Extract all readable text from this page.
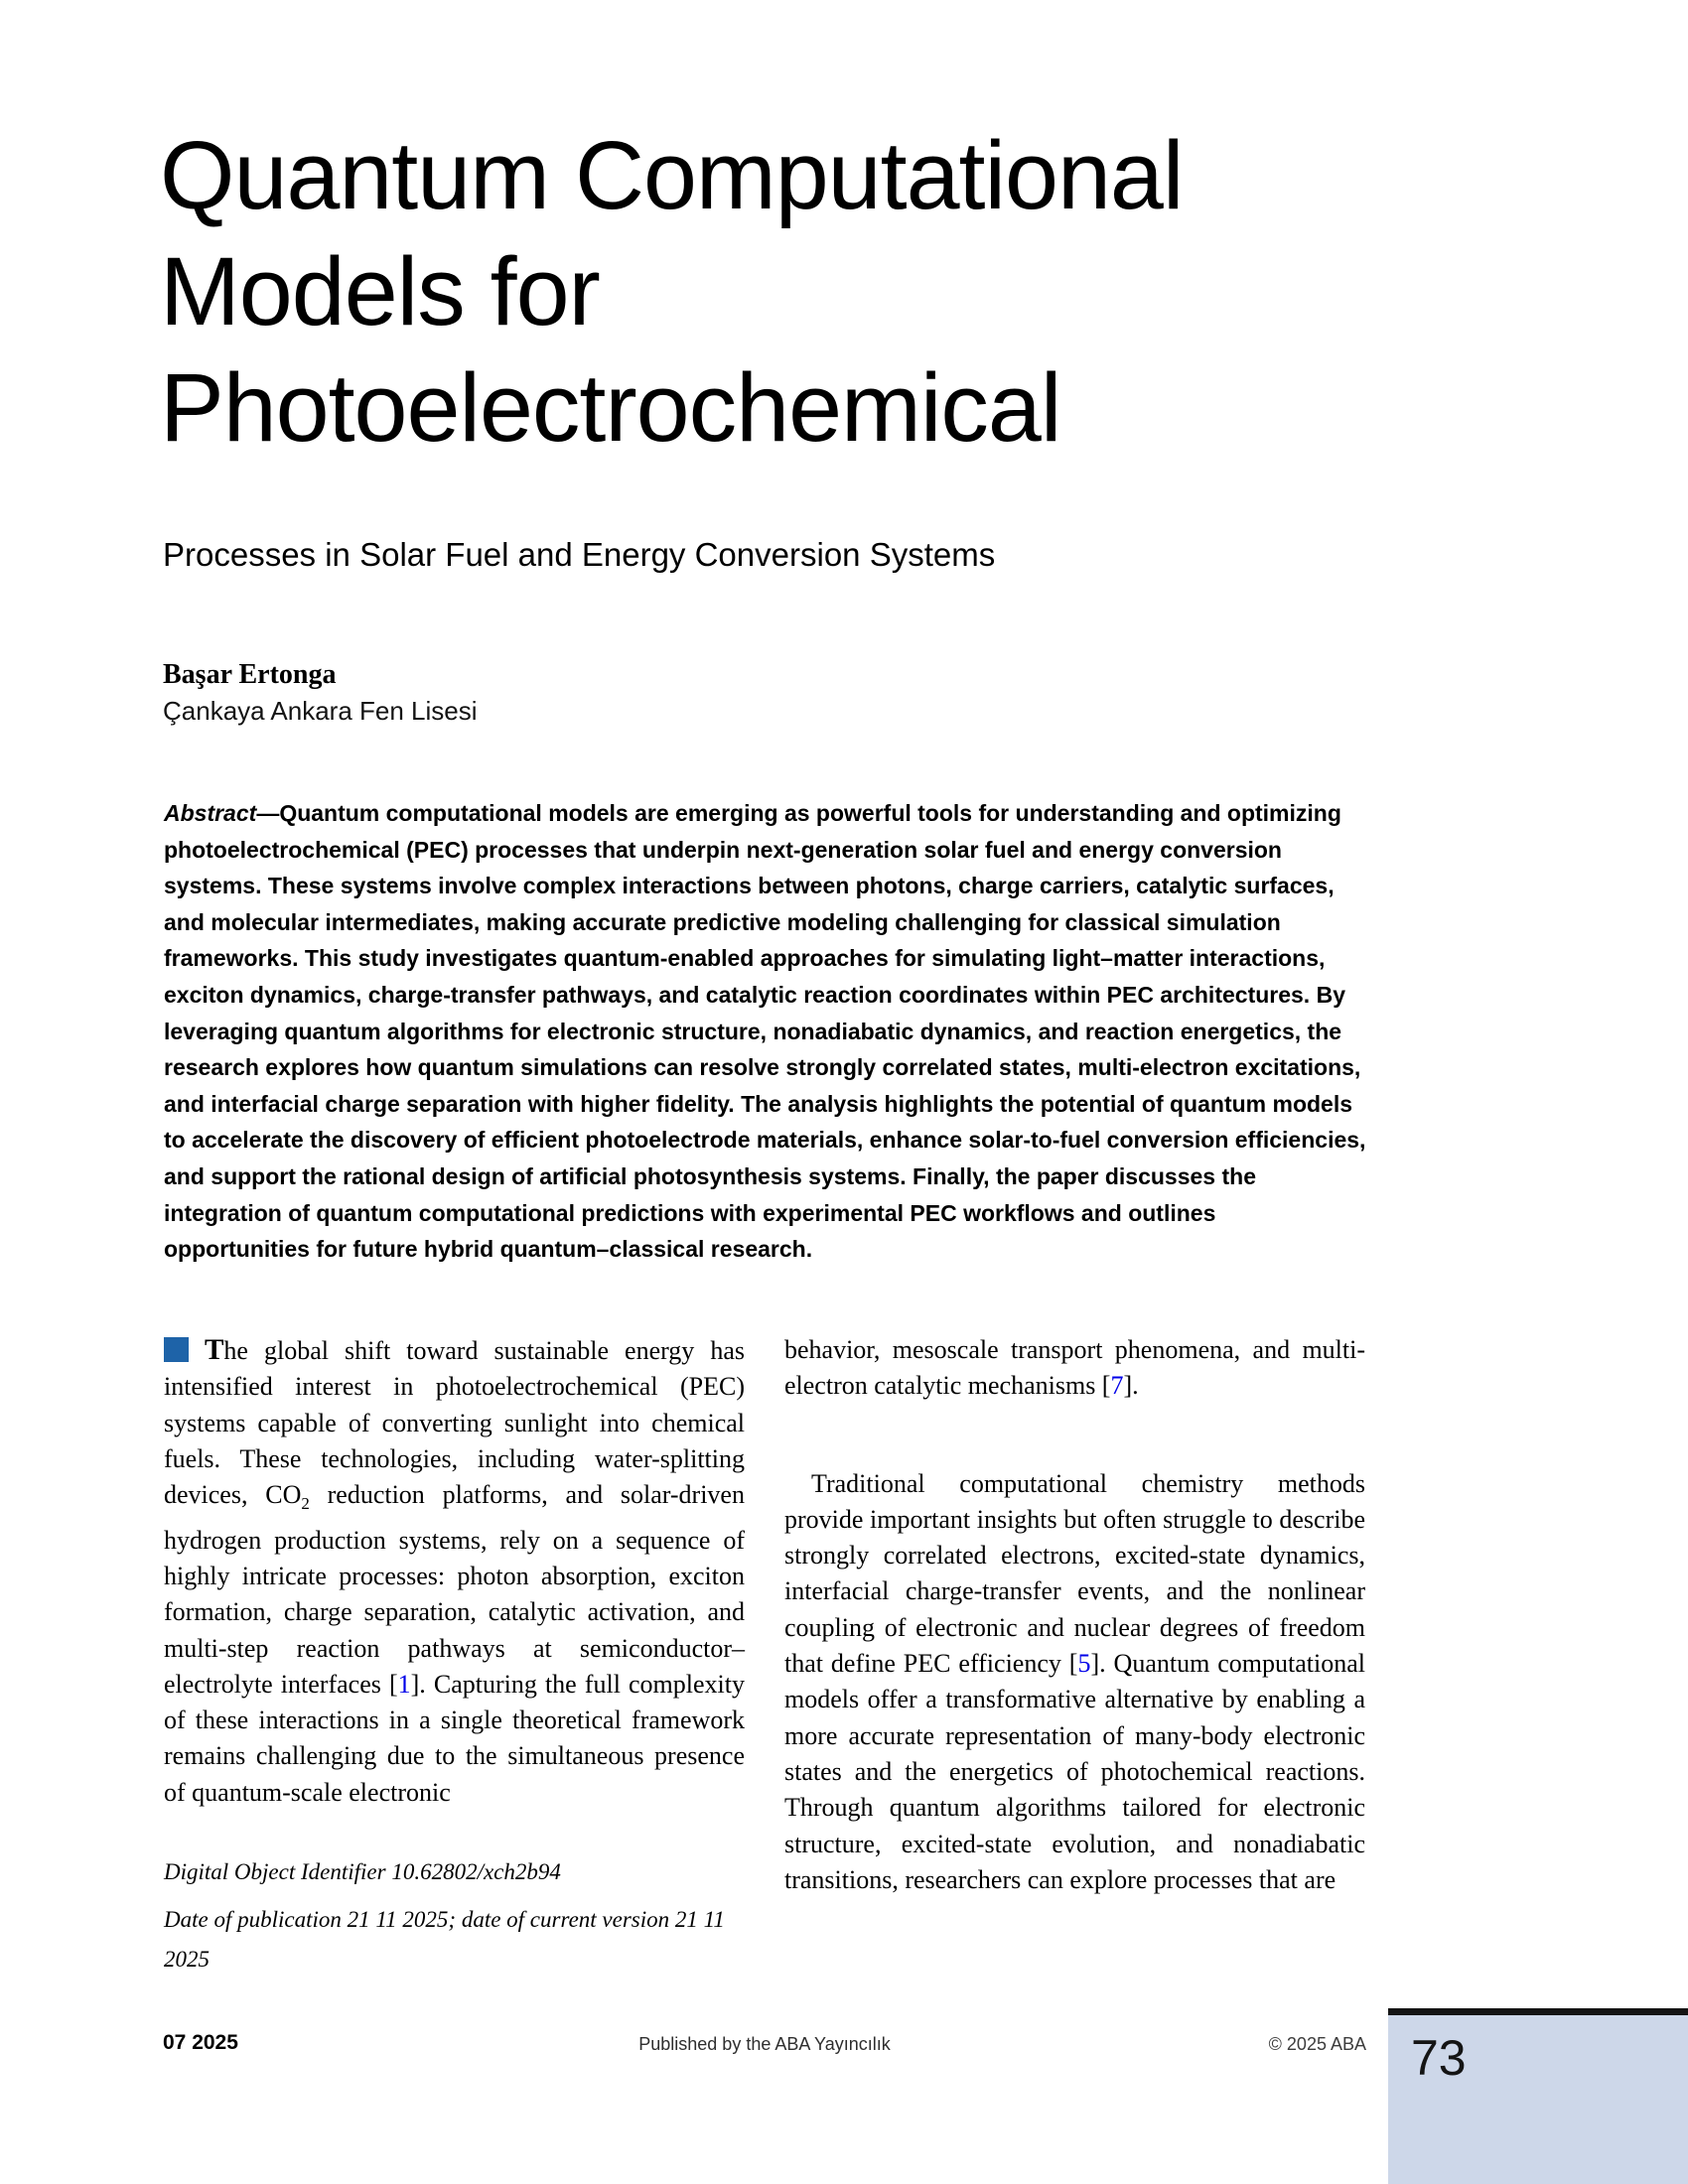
Quantum Computational
Models for
Photoelectrochemical
Processes in Solar Fuel and Energy Conversion Systems
Başar Ertonga
Çankaya Ankara Fen Lisesi

Abstract—Quantum computational models are emerging as powerful tools for understanding and optimizing photoelectrochemical (PEC) processes that underpin next-generation solar fuel and energy conversion systems. These systems involve complex interactions between photons, charge carriers, catalytic surfaces, and molecular intermediates, making accurate predictive modeling challenging for classical simulation frameworks. This study investigates quantum-enabled approaches for simulating light–matter interactions, exciton dynamics, charge-transfer pathways, and catalytic reaction coordinates within PEC architectures. By leveraging quantum algorithms for electronic structure, nonadiabatic dynamics, and reaction energetics, the research explores how quantum simulations can resolve strongly correlated states, multi-electron excitations, and interfacial charge separation with higher fidelity. The analysis highlights the potential of quantum models to accelerate the discovery of efficient photoelectrode materials, enhance solar-to-fuel conversion efficiencies, and support the rational design of artificial photosynthesis systems. Finally, the paper discusses the integration of quantum computational predictions with experimental PEC workflows and outlines opportunities for future hybrid quantum–classical research.

The global shift toward sustainable energy has intensified interest in photoelectrochemical (PEC) systems capable of converting sunlight into chemical fuels. These technologies, including water-splitting devices, $CO_2$ reduction platforms, and solar-driven hydrogen production systems, rely on a sequence of highly intricate processes: photon absorption, exciton formation, charge separation, catalytic activation, and multi-step reaction pathways at semiconductor–electrolyte interfaces [1]. Capturing the full complexity of these interactions in a single theoretical framework remains challenging due to the simultaneous presence of quantum-scale electronic

Digital Object Identifier 10.62802/xch2b94

Date of publication 21 11 2025; date of current version 21 11
2025

behavior, mesoscale transport phenomena, and multi-electron catalytic mechanisms [7].

Traditional computational chemistry methods provide important insights but often struggle to describe strongly correlated electrons, excited-state dynamics, interfacial charge-transfer events, and the nonlinear coupling of electronic and nuclear degrees of freedom that define PEC efficiency [5]. Quantum computational models offer a transformative alternative by enabling a more accurate representation of many-body electronic states and the energetics of photochemical reactions. Through quantum algorithms tailored for electronic structure, excited-state evolution, and nonadiabatic transitions, researchers can explore processes that are

07 2025	Published by the ABA Yayıncılık	© 2025 ABA 73
